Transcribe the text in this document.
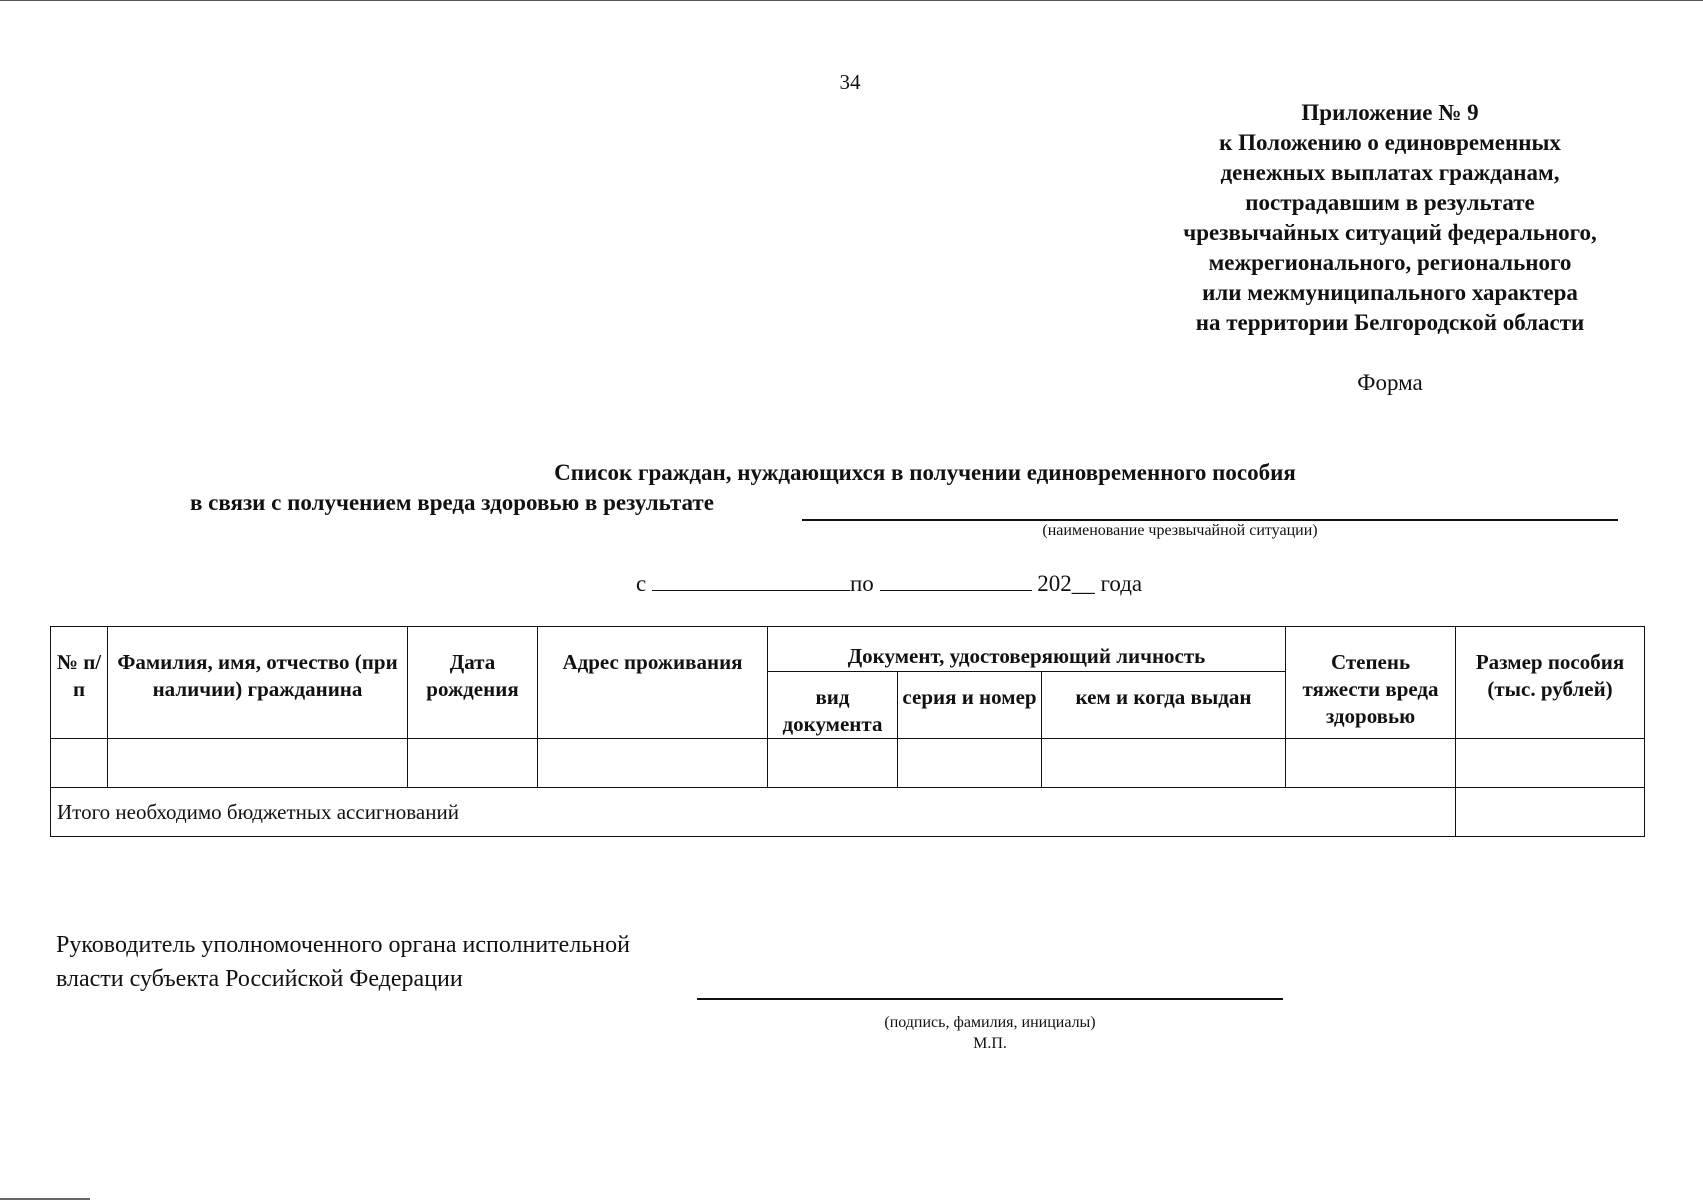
34
Приложение № 9
к Положению о единовременных
денежных выплатах гражданам,
пострадавшим в результате
чрезвычайных ситуаций федерального,
межрегионального, регионального
или межмуниципального характера
на территории Белгородской области
Форма
Список граждан, нуждающихся в получении единовременного пособия
в связи с получением вреда здоровью в результате
(наименование чрезвычайной ситуации)
с	по	202__ года
№ п/п	Фамилия, имя, отчество (при наличии) гражданина	Дата рождения	Адрес проживания	Документ, удостоверяющий личность			Степень тяжести вреда здоровью	Размер пособия (тыс. рублей)
				вид документа	серия и номер	кем и когда выдан		

Итого необходимо бюджетных ассигнований								
Руководитель уполномоченного органа исполнительной
власти субъекта Российской Федерации
(подпись, фамилия, инициалы)
М.П.
